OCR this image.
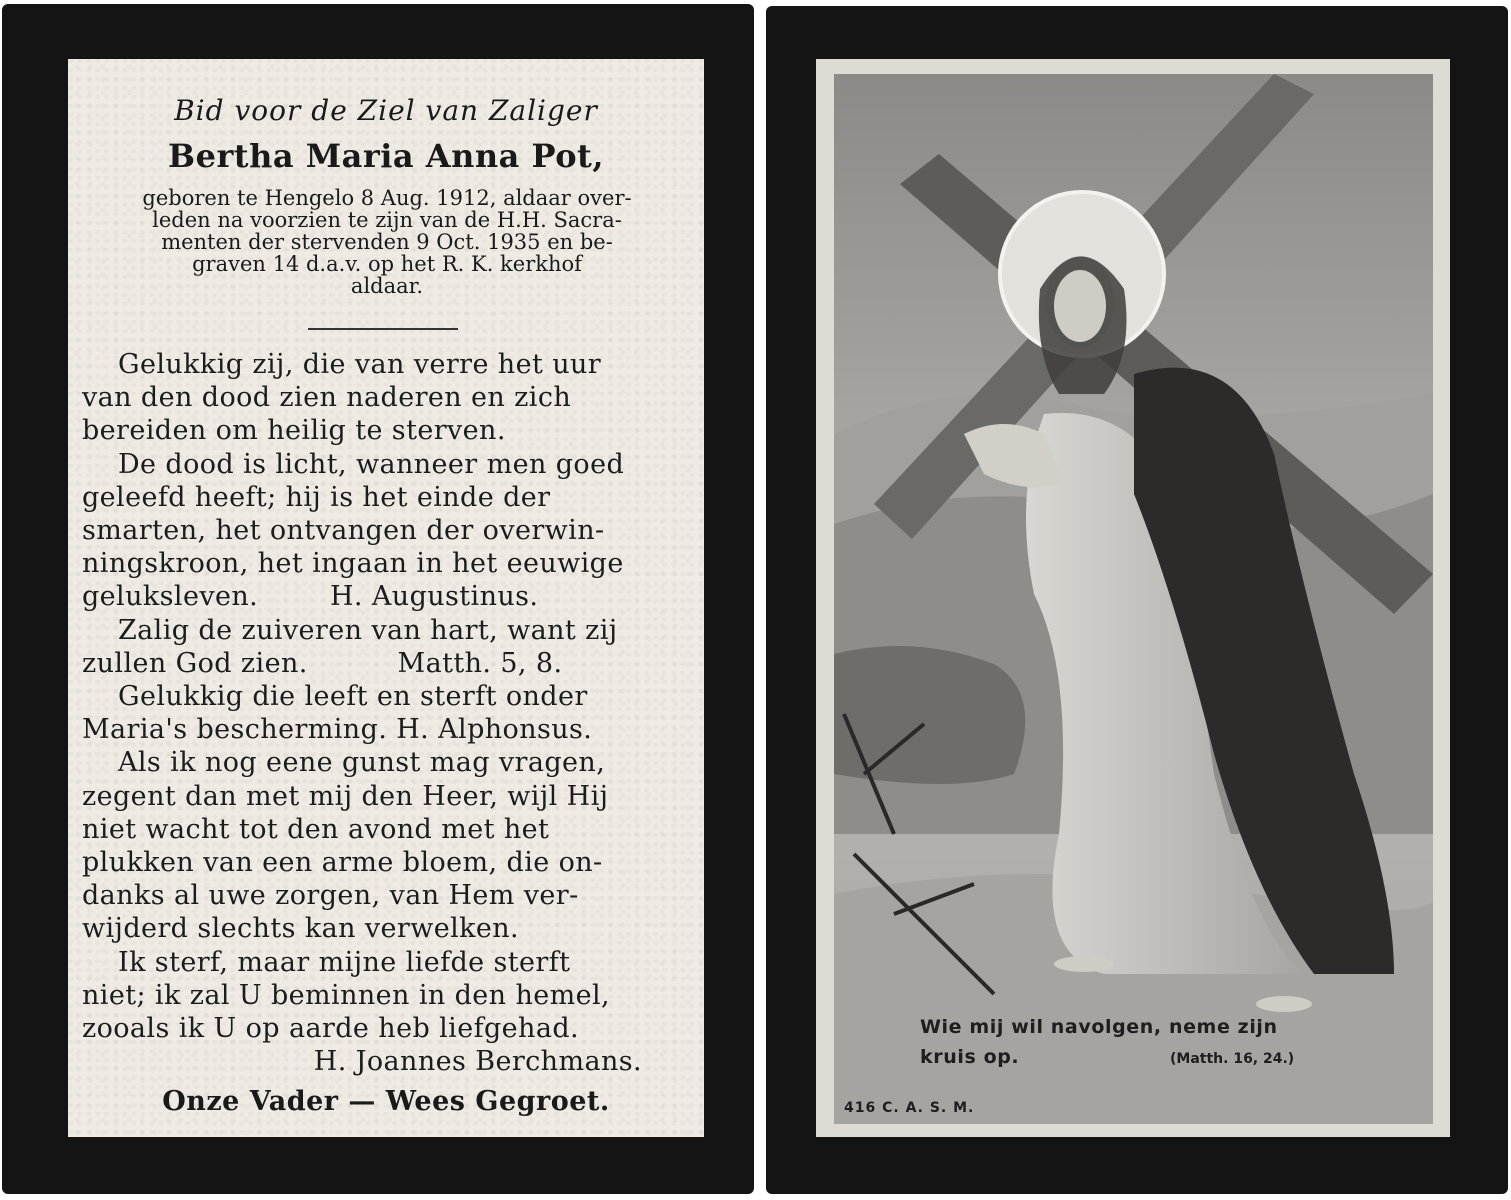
Bid voor de Ziel van Zaliger
Bertha Maria Anna Pot,

geboren te Hengelo 8 Aug. 1912, aldaar over-

leden na voorzien te zijn van de H.H. Sacra-

menten der stervenden 9 Oct. 1935 en be-

graven 14 d.a.v. op het R. K. kerkhof

aldaar.

Gelukkig zij, die van verre het uur

van den dood zien naderen en zich

bereiden om heilig te sterven.

De dood is licht, wanneer men goed

geleefd heeft; hij is het einde der

smarten, het ontvangen der overwin-

ningskroon, het ingaan in het eeuwige

geluksleven.        H. Augustinus.

Zalig de zuiveren van hart, want zij

zullen God zien.          Matth. 5, 8.

Gelukkig die leeft en sterft onder

Maria's bescherming. H. Alphonsus.

Als ik nog eene gunst mag vragen,

zegent dan met mij den Heer, wijl Hij

niet wacht tot den avond met het

plukken van een arme bloem, die on-

danks al uwe zorgen, van Hem ver-

wijderd slechts kan verwelken.

Ik sterf, maar mijne liefde sterft

niet; ik zal U beminnen in den hemel,

zooals ik U op aarde heb liefgehad.

H. Joannes Berchmans.

Onze Vader — Wees Gegroet.
Wie mij wil navolgen, neme zijn
kruis op.	(Matth. 16, 24.)
416 C. A. S. M.
